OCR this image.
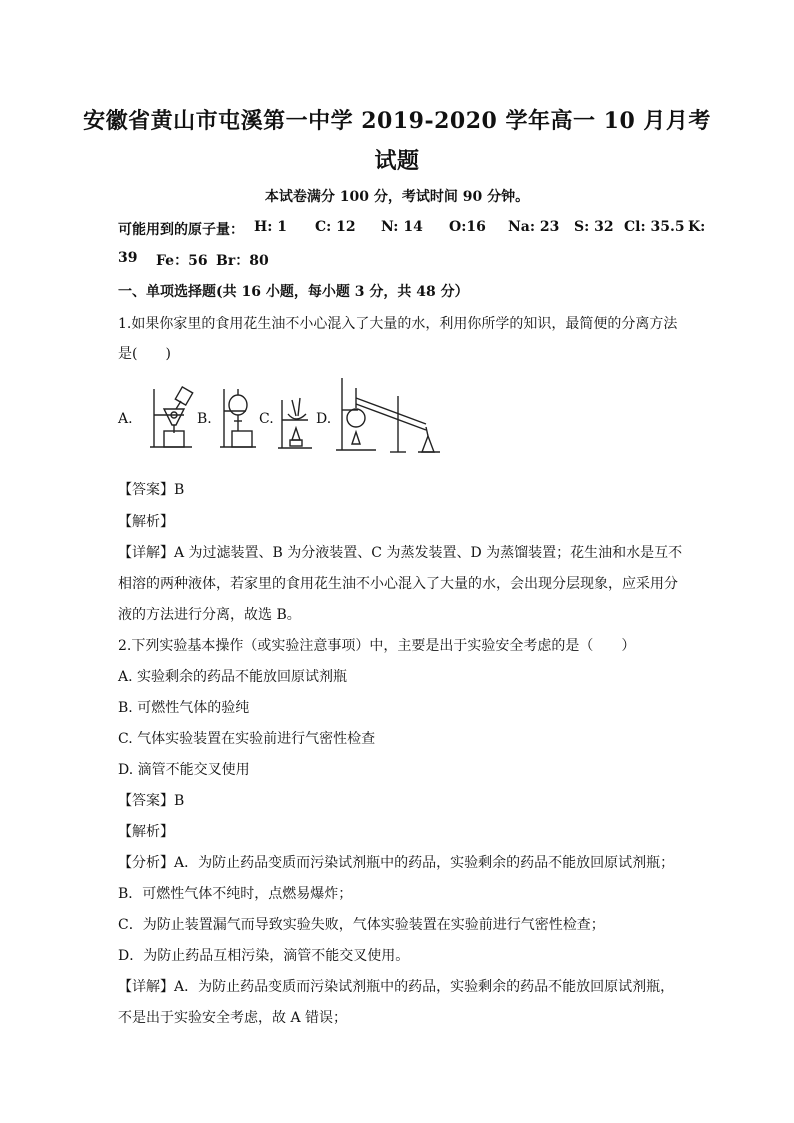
安徽省黄山市屯溪第一中学 2019-2020 学年高一 10 月月考
试题
本试卷满分 100 分，考试时间 90 分钟。
可能用到的原子量： H: 1 C: 12 N: 14 O:16 Na: 23 S: 32 Cl: 35.5 K:
39 Fe：56 Br：80
一、单项选择题(共 16 小题，每小题 3 分，共 48 分）
1.如果你家里的食用花生油不小心混入了大量的水，利用你所学的知识，最简便的分离方法
是(　　)
A.	B.	C.	D.
【答案】B
【解析】
【详解】A 为过滤装置、B 为分液装置、C 为蒸发装置、D 为蒸馏装置；花生油和水是互不
相溶的两种液体，若家里的食用花生油不小心混入了大量的水，会出现分层现象，应采用分
液的方法进行分离，故选 B。
2.下列实验基本操作（或实验注意事项）中，主要是出于实验安全考虑的是（　　）
A. 实验剩余的药品不能放回原试剂瓶
B. 可燃性气体的验纯
C. 气体实验装置在实验前进行气密性检查
D. 滴管不能交叉使用
【答案】B
【解析】
【分析】A．为防止药品变质而污染试剂瓶中的药品，实验剩余的药品不能放回原试剂瓶；
B．可燃性气体不纯时，点燃易爆炸；
C．为防止装置漏气而导致实验失败，气体实验装置在实验前进行气密性检查；
D．为防止药品互相污染，滴管不能交叉使用。
【详解】A．为防止药品变质而污染试剂瓶中的药品，实验剩余的药品不能放回原试剂瓶，
不是出于实验安全考虑，故 A 错误；
